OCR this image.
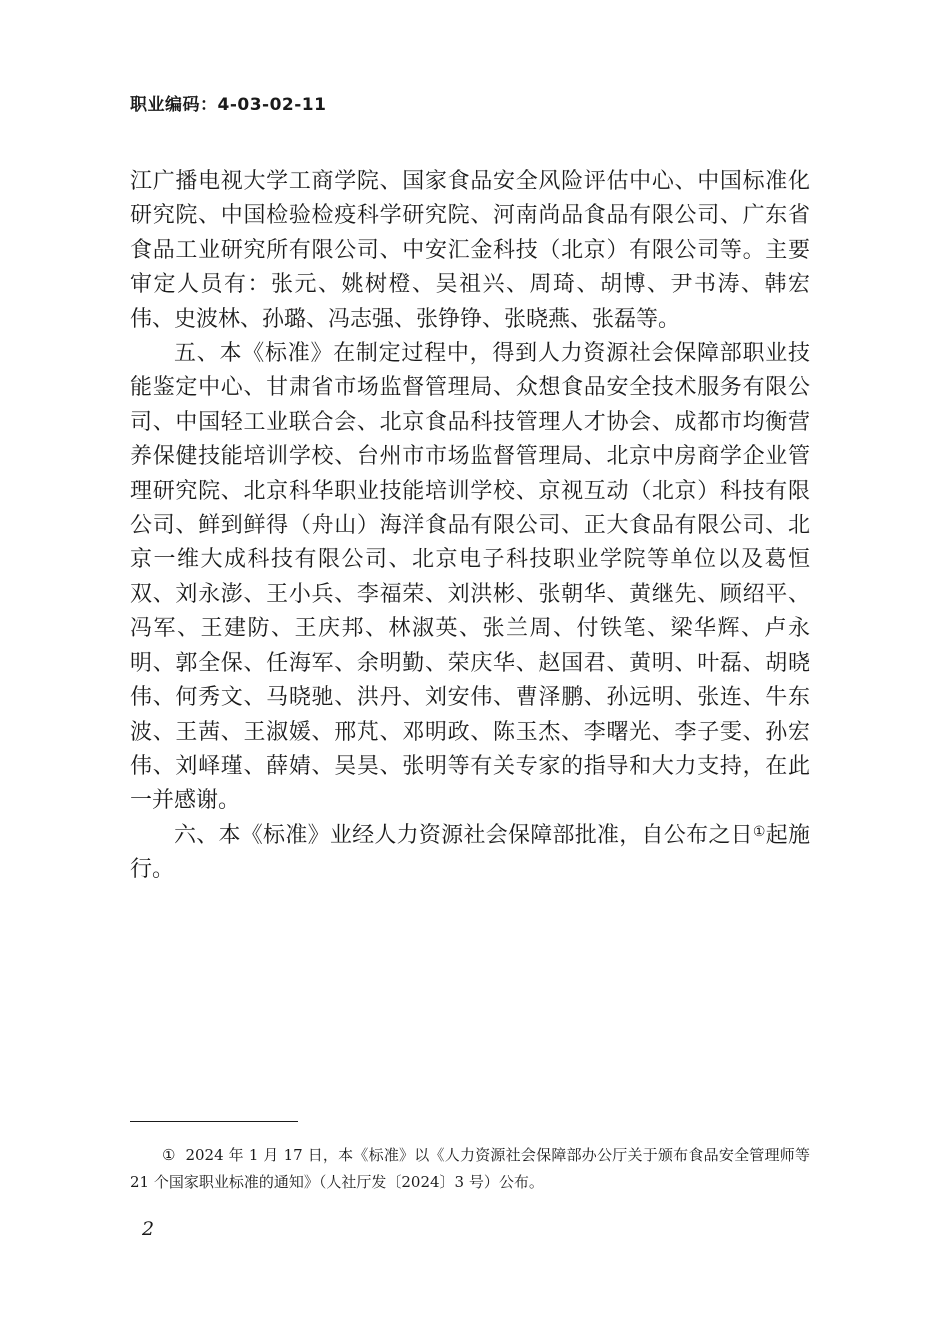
职业编码：4-03-02-11

江广播电视大学工商学院、国家食品安全风险评估中心、中国标准化研究院、中国检验检疫科学研究院、河南尚品食品有限公司、广东省食品工业研究所有限公司、中安汇金科技（北京）有限公司等。主要审定人员有：张元、姚树橙、吴祖兴、周琦、胡博、尹书涛、韩宏伟、史波林、孙璐、冯志强、张铮铮、张晓燕、张磊等。

五、本《标准》在制定过程中，得到人力资源社会保障部职业技能鉴定中心、甘肃省市场监督管理局、众想食品安全技术服务有限公司、中国轻工业联合会、北京食品科技管理人才协会、成都市均衡营养保健技能培训学校、台州市市场监督管理局、北京中房商学企业管理研究院、北京科华职业技能培训学校、京视互动（北京）科技有限公司、鲜到鲜得（舟山）海洋食品有限公司、正大食品有限公司、北京一维大成科技有限公司、北京电子科技职业学院等单位以及葛恒双、刘永澎、王小兵、李福荣、刘洪彬、张朝华、黄继先、顾绍平、冯军、王建防、王庆邦、林淑英、张兰周、付铁笔、梁华辉、卢永明、郭全保、任海军、余明勤、荣庆华、赵国君、黄明、叶磊、胡晓伟、何秀文、马晓驰、洪丹、刘安伟、曹泽鹏、孙远明、张连、牛东波、王茜、王淑媛、邢芃、邓明政、陈玉杰、李曙光、李子雯、孙宏伟、刘峄瑾、薛婧、吴昊、张明等有关专家的指导和大力支持，在此一并感谢。

六、本《标准》业经人力资源社会保障部批准，自公布之日①起施行。

① 2024 年 1 月 17 日，本《标准》以《人力资源社会保障部办公厅关于颁布食品安全管理师等 21 个国家职业标准的通知》（人社厅发〔2024〕3 号）公布。
2
